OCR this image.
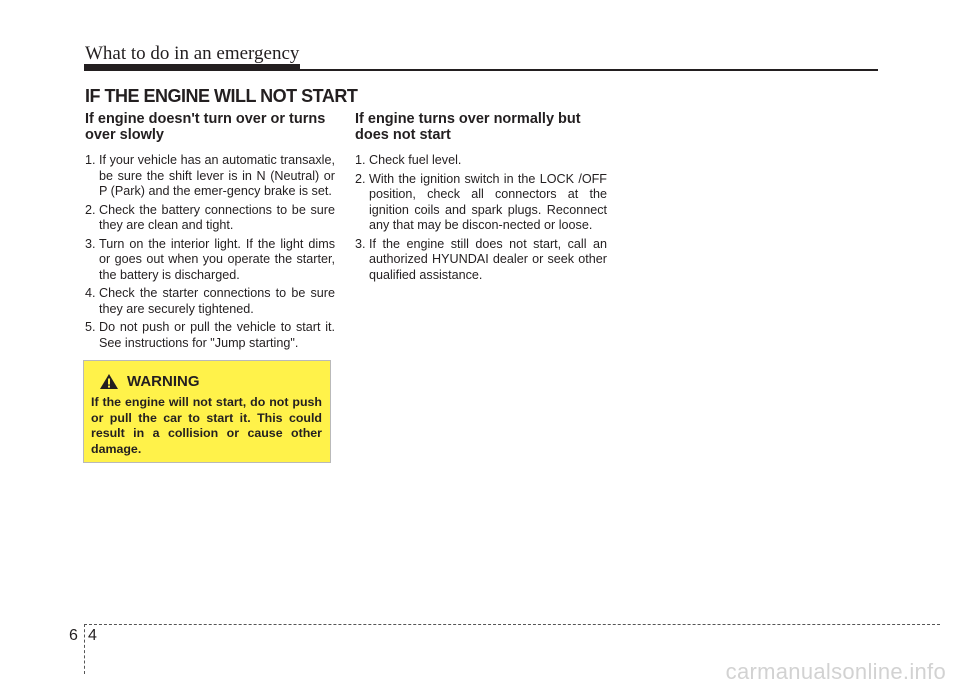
What to do in an emergency
IF THE ENGINE WILL NOT START
If engine doesn't turn over or turns over slowly
1. If your vehicle has an automatic transaxle, be sure the shift lever is in N (Neutral) or P (Park) and the emer-gency brake is set.
2. Check the battery connections to be sure they are clean and tight.
3. Turn on the interior light. If the light dims or goes out when you operate the starter, the battery is discharged.
4. Check the starter connections to be sure they are securely tightened.
5. Do not push or pull the vehicle to start it. See instructions for "Jump starting".
If engine turns over normally but does not start
1. Check fuel level.
2. With the ignition switch in the LOCK /OFF position, check all connectors at the ignition coils and spark plugs. Reconnect any that may be discon-nected or loose.
3. If the engine still does not start, call an authorized HYUNDAI dealer or seek other qualified assistance.
WARNING
If the engine will not start, do not push or pull the car to start it. This could result in a collision or cause other damage.
6 4
carmanualsonline.info
